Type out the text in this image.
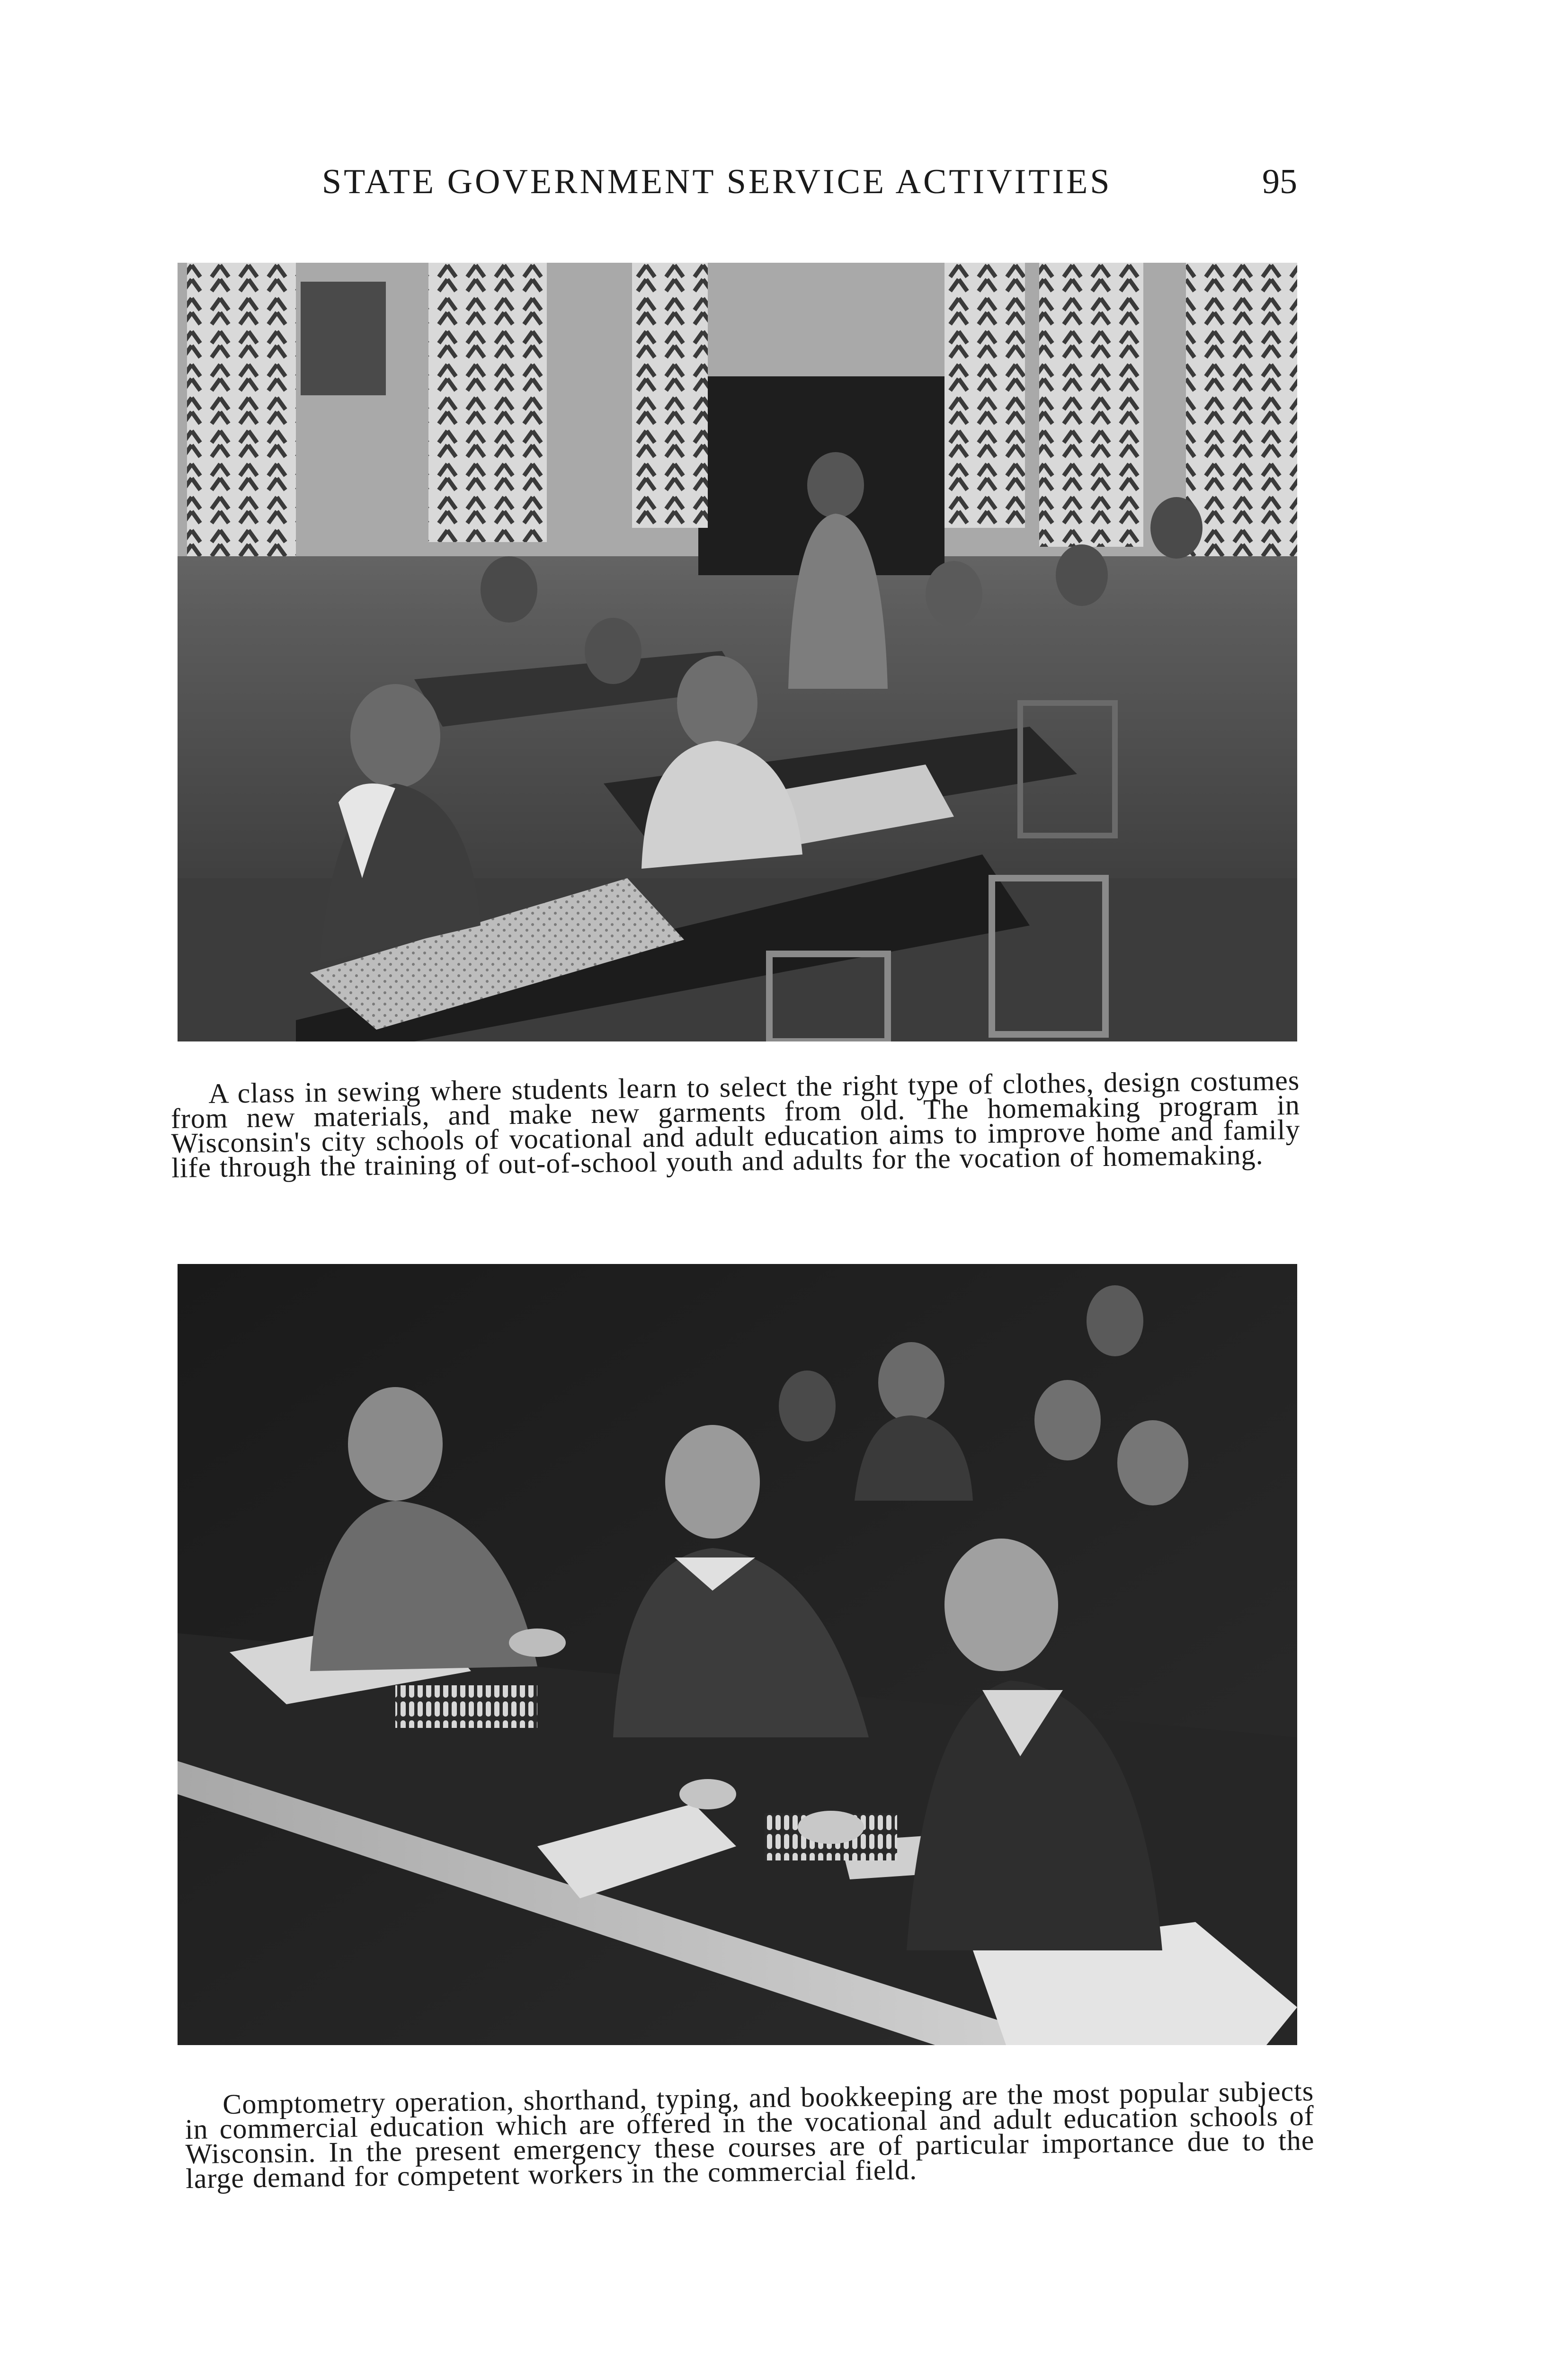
STATE GOVERNMENT SERVICE ACTIVITIES	95

A class in sewing where students learn to select the right type of clothes, design costumes from new materials, and make new garments from old. The homemaking program in Wisconsin's city schools of vocational and adult education aims to improve home and family life through the training of out-of-school youth and adults for the vocation of homemaking.

Comptometry operation, shorthand, typing, and bookkeeping are the most popular subjects in commercial education which are offered in the vocational and adult education schools of Wisconsin. In the present emergency these courses are of particular importance due to the large demand for competent workers in the commercial field.
